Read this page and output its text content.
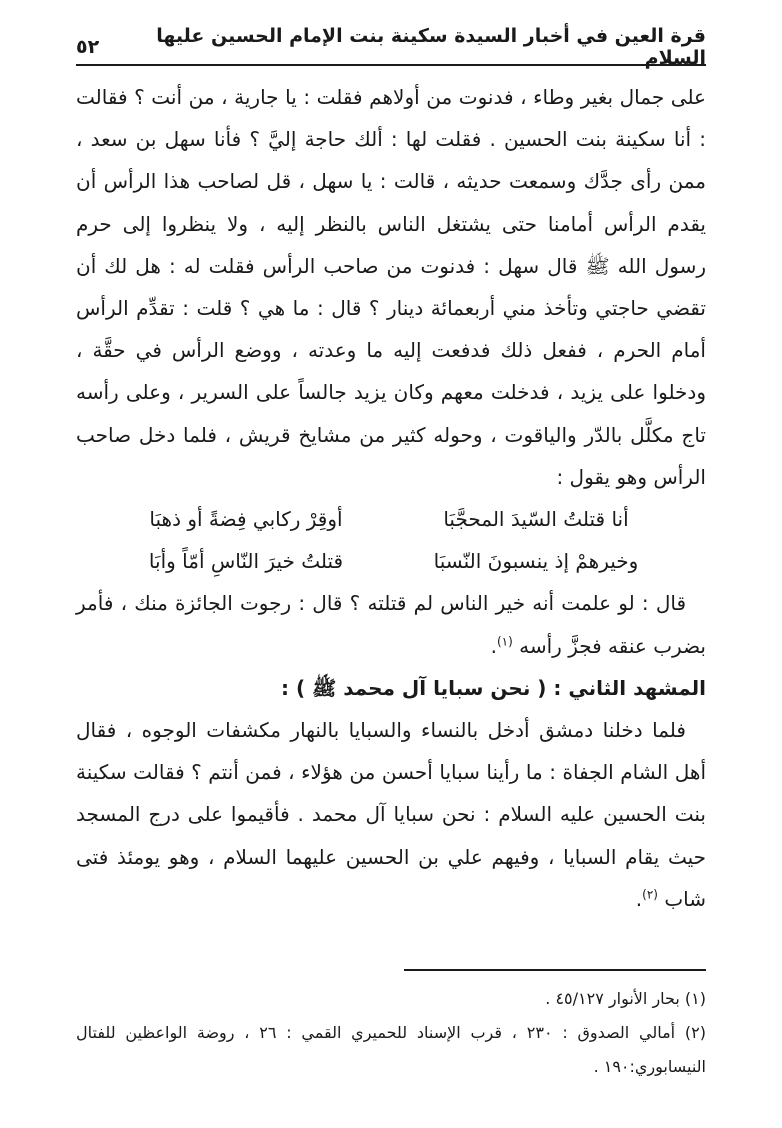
قرة العين في أخبار السيدة سكينة بنت الإمام الحسين عليها السلام
٥٢

على جمال بغير وطاء ، فدنوت من أولاهم فقلت : يا جارية ، من أنت ؟ فقالت : أنا سكينة بنت الحسين . فقلت لها : ألك حاجة إليَّ ؟ فأنا سهل بن سعد ، ممن رأى جدَّك وسمعت حديثه ، قالت : يا سهل ، قل لصاحب هذا الرأس أن يقدم الرأس أمامنا حتى يشتغل الناس بالنظر إليه ، ولا ينظروا إلى حرم رسول الله ﷺ قال سهل : فدنوت من صاحب الرأس فقلت له : هل لك أن تقضي حاجتي وتأخذ مني أربعمائة دينار ؟ قال : ما هي ؟ قلت : تقدِّم الرأس أمام الحرم ، ففعل ذلك فدفعت إليه ما وعدته ، ووضع الرأس في حقَّة ، ودخلوا على يزيد ، فدخلت معهم وكان يزيد جالساً على السرير ، وعلى رأسه تاج مكلَّل بالدّر والياقوت ، وحوله كثير من مشايخ قريش ، فلما دخل صاحب الرأس وهو يقول :

أنا قتلتُ السّيدَ المحجَّبَا
أوقِرْ ركابي فِضةً أو ذهبَا
وخيرهمْ إذ ينسبونَ النّسبَا
قتلتُ خيرَ النّاسِ أمّاً وأبَا

قال : لو علمت أنه خير الناس لم قتلته ؟ قال : رجوت الجائزة منك ، فأمر بضرب عنقه فجزَّ رأسه $^{(١)}$.

المشهد الثاني : ( نحن سبايا آل محمد ﷺ ) :

فلما دخلنا دمشق أدخل بالنساء والسبايا بالنهار مكشفات الوجوه ، فقال أهل الشام الجفاة : ما رأينا سبايا أحسن من هؤلاء ، فمن أنتم ؟ فقالت سكينة بنت الحسين عليه السلام : نحن سبايا آل محمد . فأقيموا على درج المسجد حيث يقام السبايا ، وفيهم علي بن الحسين عليهما السلام ، وهو يومئذ فتى شاب $^{(٢)}$.

(١) بحار الأنوار ٤٥/١٢٧ .

(٢) أمالي الصدوق : ٢٣٠ ، قرب الإسناد للحميري القمي : ٢٦ ، روضة الواعظين للفتال النيسابوري:١٩٠ .
